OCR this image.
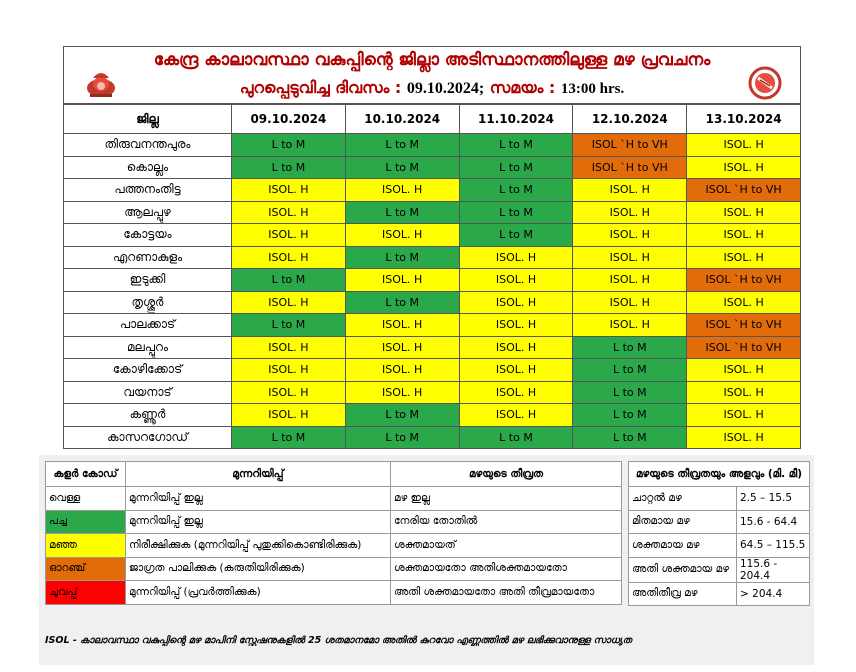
കേന്ദ്ര കാലാവസ്ഥാ വകുപ്പിന്റെ ജില്ലാ അടിസ്ഥാനത്തിലുള്ള മഴ പ്രവചനം
പുറപ്പെടുവിച്ച ദിവസം : 09.10.2024; സമയം : 13:00 hrs.
ജില്ല	09.10.2024	10.10.2024	11.10.2024	12.10.2024	13.10.2024
തിരുവനന്തപുരം	L to M	L to M	L to M	ISOL `H to VH	ISOL. H
കൊല്ലം	L to M	L to M	L to M	ISOL `H to VH	ISOL. H
പത്തനംതിട്ട	ISOL. H	ISOL. H	L to M	ISOL. H	ISOL `H to VH
ആലപ്പുഴ	ISOL. H	L to M	L to M	ISOL. H	ISOL. H
കോട്ടയം	ISOL. H	ISOL. H	L to M	ISOL. H	ISOL. H
എറണാകുളം	ISOL. H	L to M	ISOL. H	ISOL. H	ISOL. H
ഇടുക്കി	L to M	ISOL. H	ISOL. H	ISOL. H	ISOL `H to VH
തൃശ്ശൂർ	ISOL. H	L to M	ISOL. H	ISOL. H	ISOL. H
പാലക്കാട്	L to M	ISOL. H	ISOL. H	ISOL. H	ISOL `H to VH
മലപ്പുറം	ISOL. H	ISOL. H	ISOL. H	L to M	ISOL `H to VH
കോഴിക്കോട്	ISOL. H	ISOL. H	ISOL. H	L to M	ISOL. H
വയനാട്	ISOL. H	ISOL. H	ISOL. H	L to M	ISOL. H
കണ്ണൂർ	ISOL. H	L to M	ISOL. H	L to M	ISOL. H
കാസറഗോഡ്	L to M	L to M	L to M	L to M	ISOL. H
കളർ കോഡ്	മുന്നറിയിപ്പ്	മഴയുടെ തീവ്രത
വെള്ള	മുന്നറിയിപ്പ് ഇല്ല	മഴ ഇല്ല
പച്ച	മുന്നറിയിപ്പ് ഇല്ല	നേരിയ തോതിൽ
മഞ്ഞ	നിരീക്ഷിക്കുക (മുന്നറിയിപ്പ് പുതുക്കികൊണ്ടിരിക്കുക)	ശക്തമായത്
ഓറഞ്ച്	ജാഗ്രത പാലിക്കുക (കരുതിയിരിക്കുക)	ശക്തമായതോ അതിശക്തമായതോ
ചുവപ്പ്	മുന്നറിയിപ്പ് (പ്രവർത്തിക്കുക)	അതി ശക്തമായതോ അതി തീവ്രമായതോ
മഴയുടെ തീവ്രതയും അളവും (മി. മീ)	
ചാറ്റൽ മഴ	2.5 – 15.5
മിതമായ മഴ	15.6 - 64.4
ശക്തമായ മഴ	64.5 – 115.5
അതി ശക്തമായ മഴ	115.6 - 204.4
അതിതീവ്ര മഴ	> 204.4
ISOL - കാലാവസ്ഥാ വകുപ്പിന്റെ മഴ മാപിനി സ്റ്റേഷനുകളിൽ 25 ശതമാനമോ അതിൽ കുറവോ എണ്ണത്തിൽ മഴ ലഭിക്കുവാനുള്ള സാധ്യത
